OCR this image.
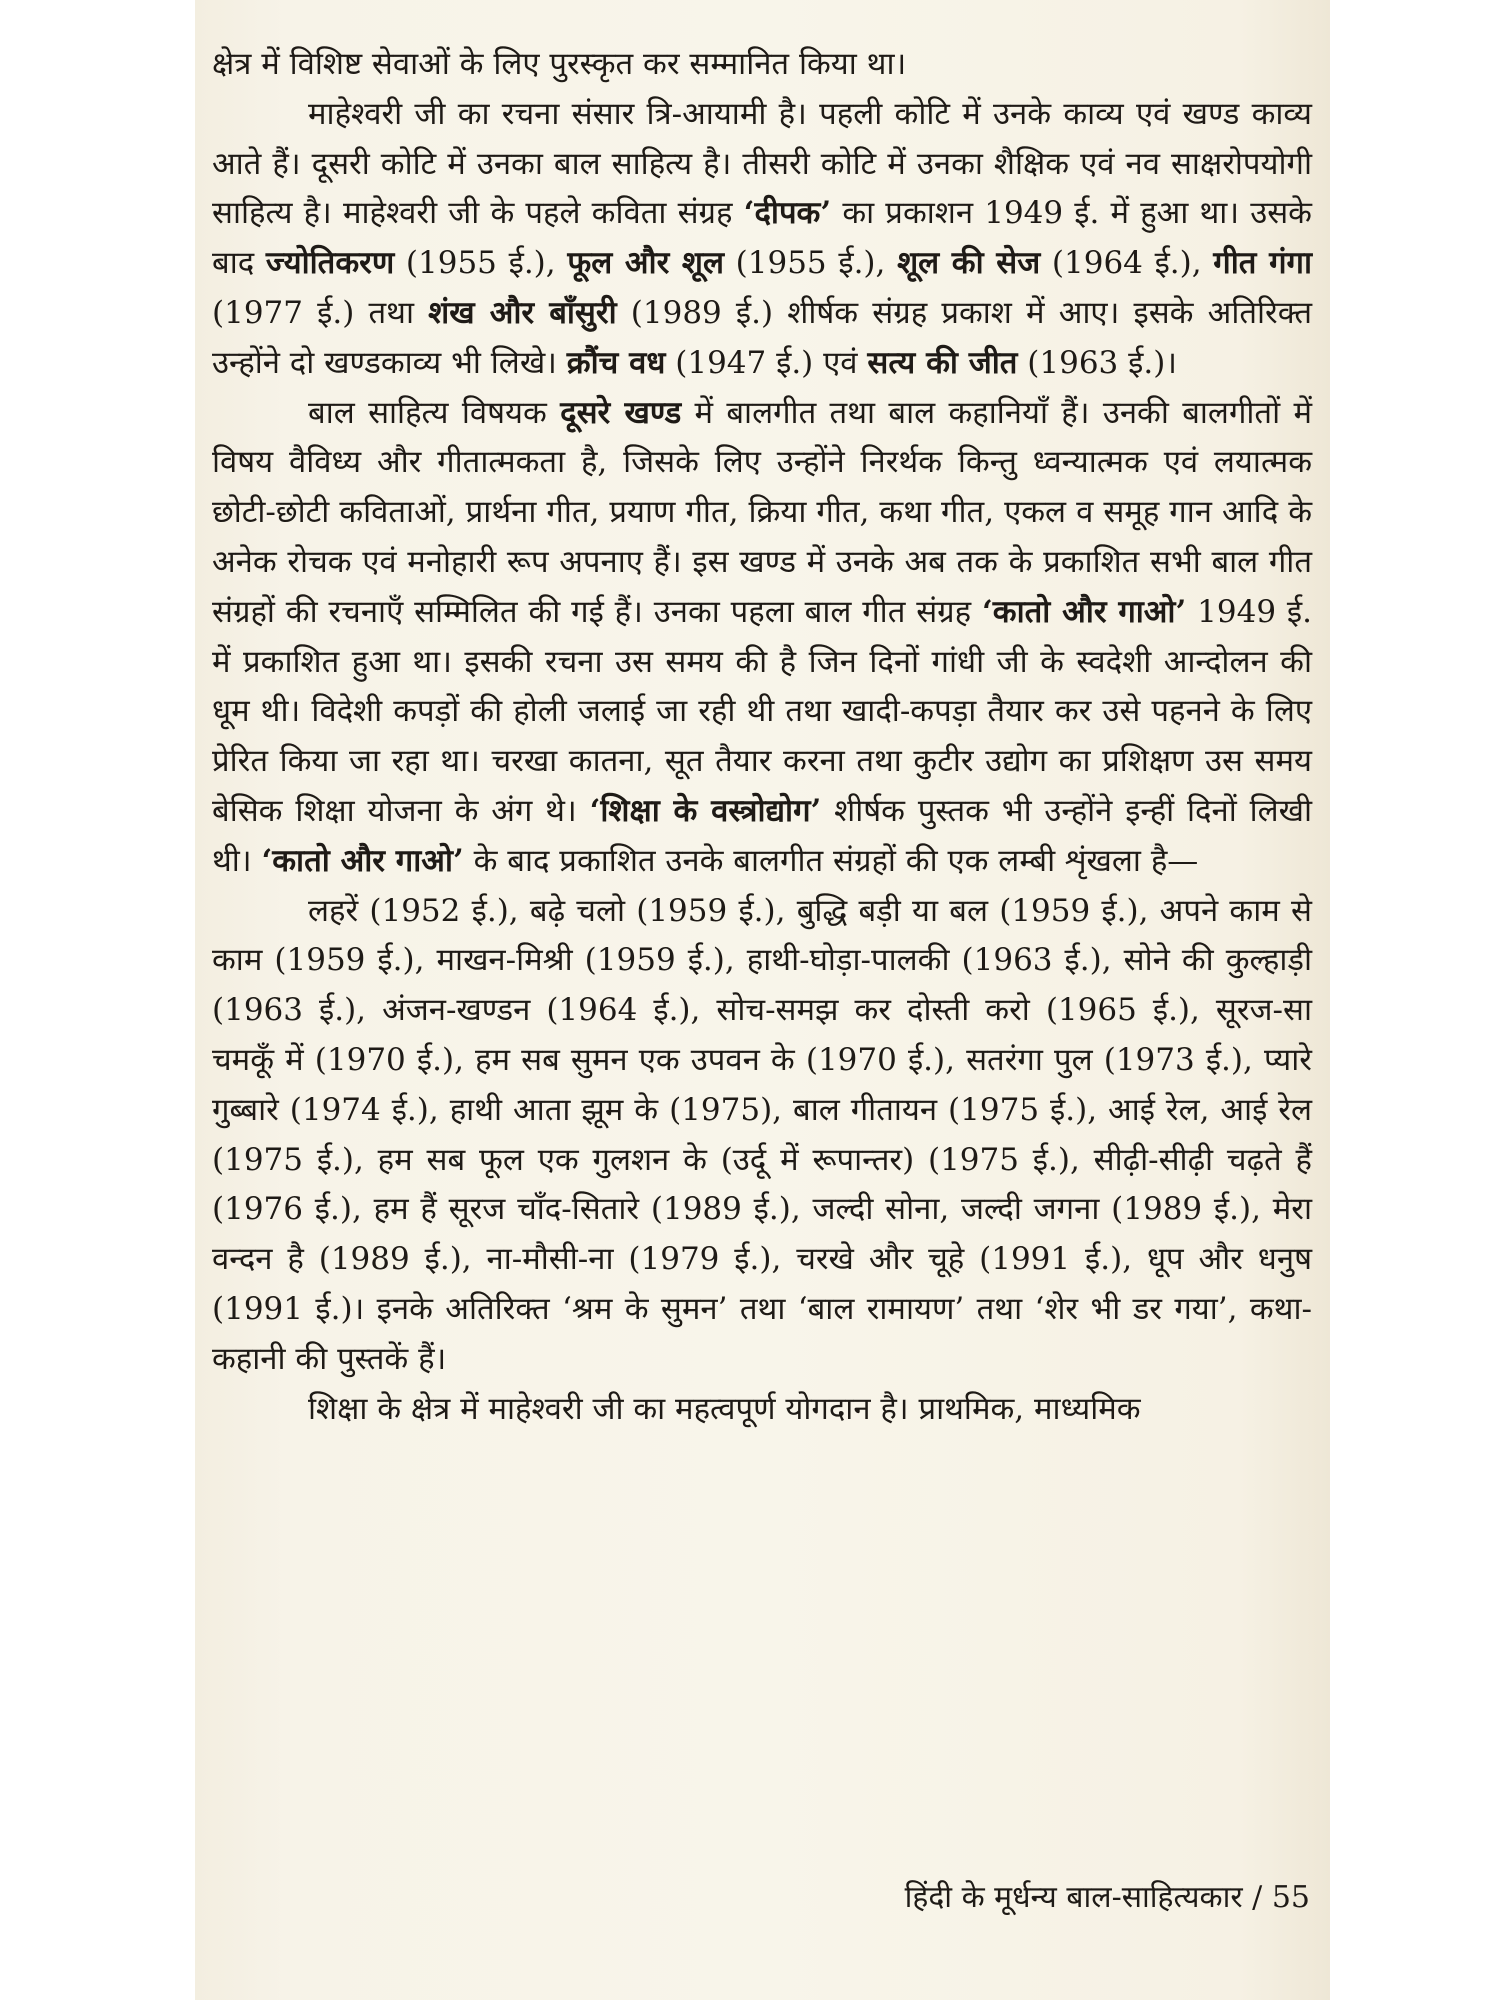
क्षेत्र में विशिष्ट सेवाओं के लिए पुरस्कृत कर सम्मानित किया था।

माहेश्वरी जी का रचना संसार त्रि-आयामी है। पहली कोटि में उनके काव्य एवं खण्ड काव्य आते हैं। दूसरी कोटि में उनका बाल साहित्य है। तीसरी कोटि में उनका शैक्षिक एवं नव साक्षरोपयोगी साहित्य है। माहेश्वरी जी के पहले कविता संग्रह ‘दीपक’ का प्रकाशन 1949 ई. में हुआ था। उसके बाद ज्योतिकरण (1955 ई.), फूल और शूल (1955 ई.), शूल की सेज (1964 ई.), गीत गंगा (1977 ई.) तथा शंख और बाँसुरी (1989 ई.) शीर्षक संग्रह प्रकाश में आए। इसके अतिरिक्त उन्होंने दो खण्डकाव्य भी लिखे। क्रौंच वध (1947 ई.) एवं सत्य की जीत (1963 ई.)।

बाल साहित्य विषयक दूसरे खण्ड में बालगीत तथा बाल कहानियाँ हैं। उनकी बालगीतों में विषय वैविध्य और गीतात्मकता है, जिसके लिए उन्होंने निरर्थक किन्तु ध्वन्यात्मक एवं लयात्मक छोटी-छोटी कविताओं, प्रार्थना गीत, प्रयाण गीत, क्रिया गीत, कथा गीत, एकल व समूह गान आदि के अनेक रोचक एवं मनोहारी रूप अपनाए हैं। इस खण्ड में उनके अब तक के प्रकाशित सभी बाल गीत संग्रहों की रचनाएँ सम्मिलित की गई हैं। उनका पहला बाल गीत संग्रह ‘कातो और गाओ’ 1949 ई. में प्रकाशित हुआ था। इसकी रचना उस समय की है जिन दिनों गांधी जी के स्वदेशी आन्दोलन की धूम थी। विदेशी कपड़ों की होली जलाई जा रही थी तथा खादी-कपड़ा तैयार कर उसे पहनने के लिए प्रेरित किया जा रहा था। चरखा कातना, सूत तैयार करना तथा कुटीर उद्योग का प्रशिक्षण उस समय बेसिक शिक्षा योजना के अंग थे। ‘शिक्षा के वस्त्रोद्योग’ शीर्षक पुस्तक भी उन्होंने इन्हीं दिनों लिखी थी। ‘कातो और गाओ’ के बाद प्रकाशित उनके बालगीत संग्रहों की एक लम्बी शृंखला है—

लहरें (1952 ई.), बढ़े चलो (1959 ई.), बुद्धि बड़ी या बल (1959 ई.), अपने काम से काम (1959 ई.), माखन-मिश्री (1959 ई.), हाथी-घोड़ा-पालकी (1963 ई.), सोने की कुल्हाड़ी (1963 ई.), अंजन-खण्डन (1964 ई.), सोच-समझ कर दोस्ती करो (1965 ई.), सूरज-सा चमकूँ में (1970 ई.), हम सब सुमन एक उपवन के (1970 ई.), सतरंगा पुल (1973 ई.), प्यारे गुब्बारे (1974 ई.), हाथी आता झूम के (1975), बाल गीतायन (1975 ई.), आई रेल, आई रेल (1975 ई.), हम सब फूल एक गुलशन के (उर्दू में रूपान्तर) (1975 ई.), सीढ़ी-सीढ़ी चढ़ते हैं (1976 ई.), हम हैं सूरज चाँद-सितारे (1989 ई.), जल्दी सोना, जल्दी जगना (1989 ई.), मेरा वन्दन है (1989 ई.), ना-मौसी-ना (1979 ई.), चरखे और चूहे (1991 ई.), धूप और धनुष (1991 ई.)। इनके अतिरिक्त ‘श्रम के सुमन’ तथा ‘बाल रामायण’ तथा ‘शेर भी डर गया’, कथा-कहानी की पुस्तकें हैं।

शिक्षा के क्षेत्र में माहेश्वरी जी का महत्वपूर्ण योगदान है। प्राथमिक, माध्यमिक

हिंदी के मूर्धन्य बाल-साहित्यकार / 55
